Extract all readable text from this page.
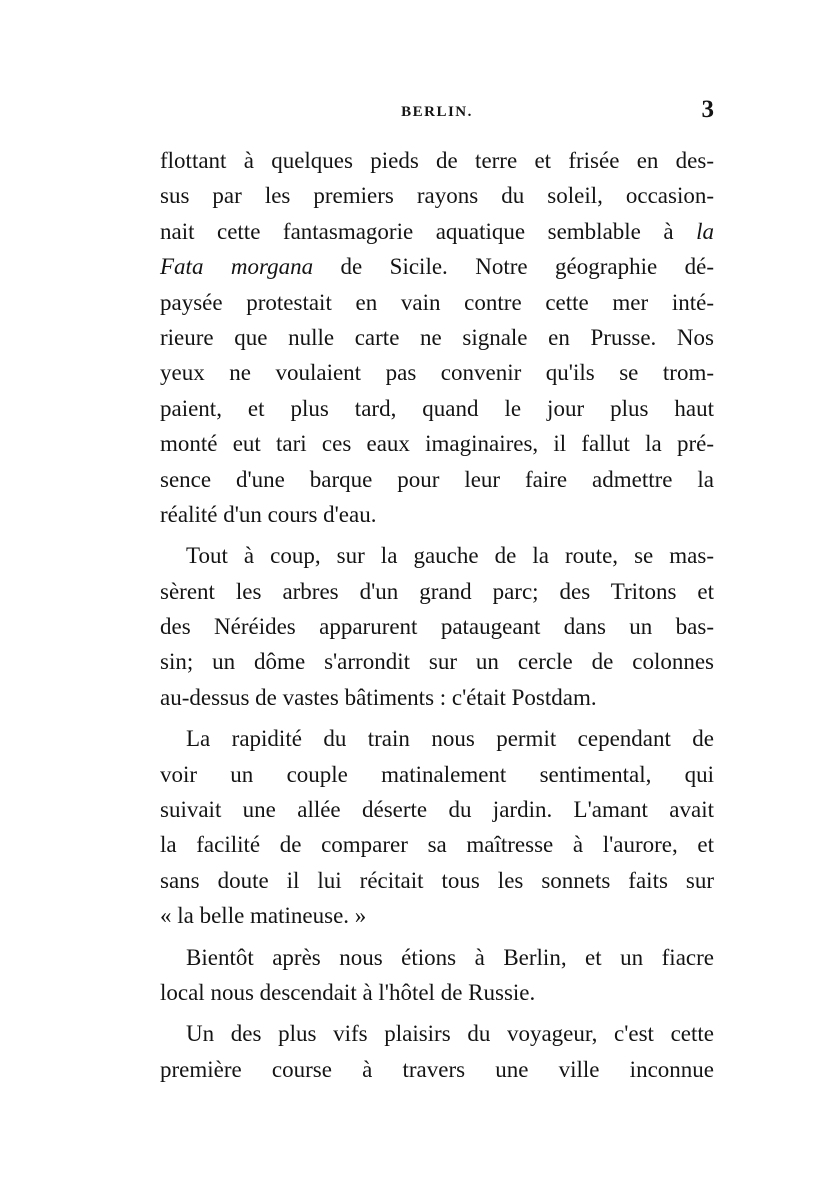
BERLIN.	3
flottant à quelques pieds de terre et frisée en des-
sus par les premiers rayons du soleil, occasion-
nait cette fantasmagorie aquatique semblable à la
Fata morgana de Sicile. Notre géographie dé-
paysée protestait en vain contre cette mer inté-
rieure que nulle carte ne signale en Prusse. Nos
yeux ne voulaient pas convenir qu'ils se trom-
paient, et plus tard, quand le jour plus haut
monté eut tari ces eaux imaginaires, il fallut la pré-
sence d'une barque pour leur faire admettre la
réalité d'un cours d'eau.
Tout à coup, sur la gauche de la route, se mas-
sèrent les arbres d'un grand parc; des Tritons et
des Néréides apparurent pataugeant dans un bas-
sin; un dôme s'arrondit sur un cercle de colonnes
au-dessus de vastes bâtiments : c'était Postdam.
La rapidité du train nous permit cependant de
voir un couple matinalement sentimental, qui
suivait une allée déserte du jardin. L'amant avait
la facilité de comparer sa maîtresse à l'aurore, et
sans doute il lui récitait tous les sonnets faits sur
« la belle matineuse. »
Bientôt après nous étions à Berlin, et un fiacre
local nous descendait à l'hôtel de Russie.
Un des plus vifs plaisirs du voyageur, c'est cette
première course à travers une ville inconnue
